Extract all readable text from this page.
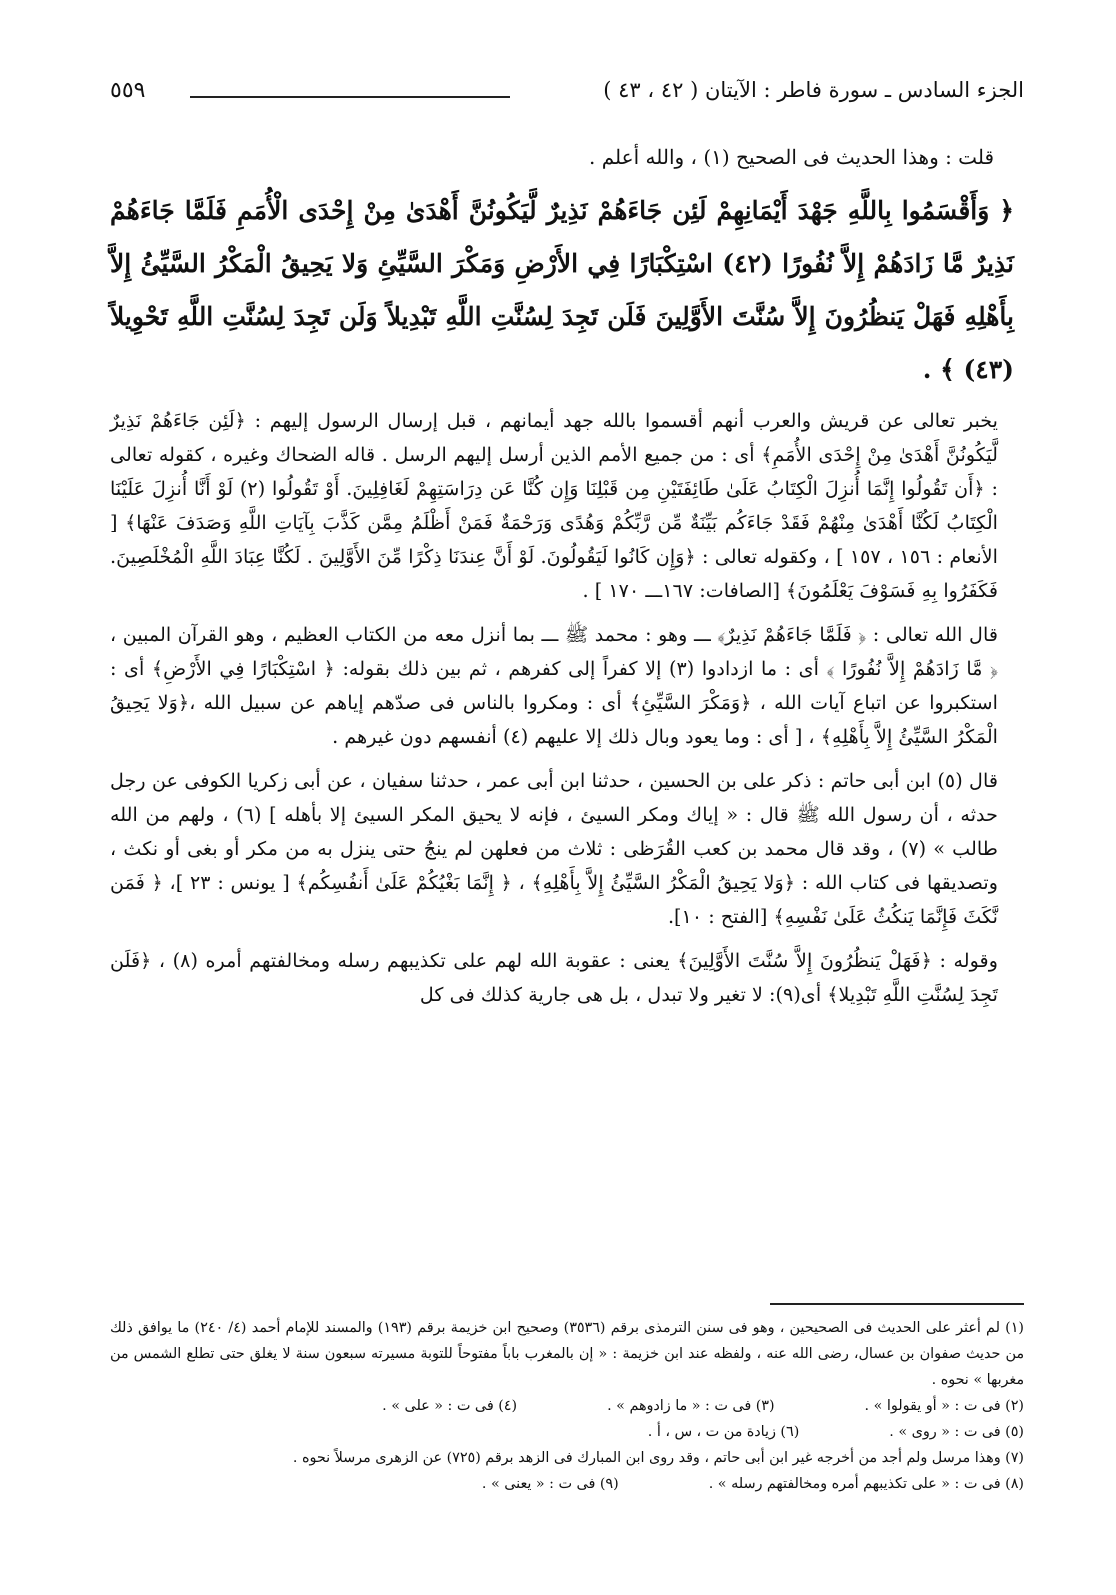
الجزء السادس ـ سورة فاطر : الآيتان ( ٤٢ ، ٤٣ )
٥٥٩

قلت : وهذا الحديث فى الصحيح (١) ، والله أعلم .

﴿ وَأَقْسَمُوا بِاللَّهِ جَهْدَ أَيْمَانِهِمْ لَئِن جَاءَهُمْ نَذِيرٌ لَّيَكُونُنَّ أَهْدَىٰ مِنْ إِحْدَى الْأُمَمِ فَلَمَّا جَاءَهُمْ نَذِيرٌ مَّا زَادَهُمْ إِلاَّ نُفُورًا (٤٢) اسْتِكْبَارًا فِي الأَرْضِ وَمَكْرَ السَّيِّئِ وَلا يَحِيقُ الْمَكْرُ السَّيِّئُ إِلاَّ بِأَهْلِهِ فَهَلْ يَنظُرُونَ إِلاَّ سُنَّتَ الأَوَّلِينَ فَلَن تَجِدَ لِسُنَّتِ اللَّهِ تَبْدِيلاً وَلَن تَجِدَ لِسُنَّتِ اللَّهِ تَحْوِيلاً (٤٣) ﴾ .

يخبر تعالى عن قريش والعرب أنهم أقسموا بالله جهد أيمانهم ، قبل إرسال الرسول إليهم : ﴿لَئِن جَاءَهُمْ نَذِيرٌ لَّيَكُونُنَّ أَهْدَىٰ مِنْ إِحْدَى الأُمَمِ﴾ أى : من جميع الأمم الذين أرسل إليهم الرسل . قاله الضحاك وغيره ، كقوله تعالى : ﴿أَن تَقُولُوا إِنَّمَا أُنزِلَ الْكِتَابُ عَلَىٰ طَائِفَتَيْنِ مِن قَبْلِنَا وَإِن كُنَّا عَن دِرَاسَتِهِمْ لَغَافِلِينَ. أَوْ تَقُولُوا (٢) لَوْ أَنَّا أُنزِلَ عَلَيْنَا الْكِتَابُ لَكُنَّا أَهْدَىٰ مِنْهُمْ فَقَدْ جَاءَكُم بَيِّنَةٌ مِّن رَّبِّكُمْ وَهُدًى وَرَحْمَةٌ فَمَنْ أَظْلَمُ مِمَّن كَذَّبَ بِآيَاتِ اللَّهِ وَصَدَفَ عَنْهَا﴾ [ الأنعام : ١٥٦ ، ١٥٧ ] ، وكقوله تعالى : ﴿وَإِن كَانُوا لَيَقُولُونَ. لَوْ أَنَّ عِندَنَا ذِكْرًا مِّنَ الأَوَّلِينَ . لَكُنَّا عِبَادَ اللَّهِ الْمُخْلَصِينَ. فَكَفَرُوا بِهِ فَسَوْفَ يَعْلَمُونَ﴾ [الصافات: ١٦٧ـــ ١٧٠ ] .

قال الله تعالى : ﴿ فَلَمَّا جَاءَهُمْ نَذِيرٌ﴾ ـــ وهو : محمد ﷺ ـــ بما أنزل معه من الكتاب العظيم ، وهو القرآن المبين ، ﴿ مَّا زَادَهُمْ إِلاَّ نُفُورًا ﴾ أى : ما ازدادوا (٣) إلا كفراً إلى كفرهم ، ثم بين ذلك بقوله: ﴿ اسْتِكْبَارًا فِي الأَرْضِ﴾ أى : استكبروا عن اتباع آيات الله ، ﴿وَمَكْرَ السَّيِّئِ﴾ أى : ومكروا بالناس فى صدّهم إياهم عن سبيل الله ،﴿وَلا يَحِيقُ الْمَكْرُ السَّيِّئُ إِلاَّ بِأَهْلِهِ﴾ ، [ أى : وما يعود وبال ذلك إلا عليهم (٤) أنفسهم دون غيرهم .

قال (٥) ابن أبى حاتم : ذكر على بن الحسين ، حدثنا ابن أبى عمر ، حدثنا سفيان ، عن أبى زكريا الكوفى عن رجل حدثه ، أن رسول الله ﷺ قال : « إياك ومكر السيئ ، فإنه لا يحيق المكر السيئ إلا بأهله ] (٦) ، ولهم من الله طالب » (٧) ، وقد قال محمد بن كعب القُرَظى : ثلاث من فعلهن لم ينجُ حتى ينزل به من مكر أو بغى أو نكث ، وتصديقها فى كتاب الله : ﴿وَلا يَحِيقُ الْمَكْرُ السَّيِّئُ إِلاَّ بِأَهْلِهِ﴾ ، ﴿ إِنَّمَا بَغْيُكُمْ عَلَىٰ أَنفُسِكُم﴾ [ يونس : ٢٣ ]، ﴿ فَمَن نَّكَثَ فَإِنَّمَا يَنكُثُ عَلَىٰ نَفْسِهِ﴾ [الفتح : ١٠].

وقوله : ﴿فَهَلْ يَنظُرُونَ إِلاَّ سُنَّتَ الأَوَّلِينَ﴾ يعنى : عقوبة الله لهم على تكذيبهم رسله ومخالفتهم أمره (٨) ، ﴿فَلَن تَجِدَ لِسُنَّتِ اللَّهِ تَبْدِيلا﴾ أى(٩): لا تغير ولا تبدل ، بل هى جارية كذلك فى كل

(١) لم أعثر على الحديث فى الصحيحين ، وهو فى سنن الترمذى برقم (٣٥٣٦) وصحيح ابن خزيمة برقم (١٩٣) والمسند للإمام أحمد (٤/ ٢٤٠) ما يوافق ذلك من حديث صفوان بن عسال، رضى الله عنه ، ولفظه عند ابن خزيمة : « إن بالمغرب باباً مفتوحاً للتوبة مسيرته سبعون سنة لا يغلق حتى تطلع الشمس من مغربها » نحوه .

(٢) فى ت : « أو يقولوا » .
(٣) فى ت : « ما زادوهم » .
(٤) فى ت : « على » .
(٥) فى ت : « روى » .
(٦) زيادة من ت ، س ، أ .

(٧) وهذا مرسل ولم أجد من أخرجه غير ابن أبى حاتم ، وقد روى ابن المبارك فى الزهد برقم (٧٢٥) عن الزهرى مرسلاً نحوه .

(٨) فى ت : « على تكذيبهم أمره ومخالفتهم رسله » .
(٩) فى ت : « يعنى » .
